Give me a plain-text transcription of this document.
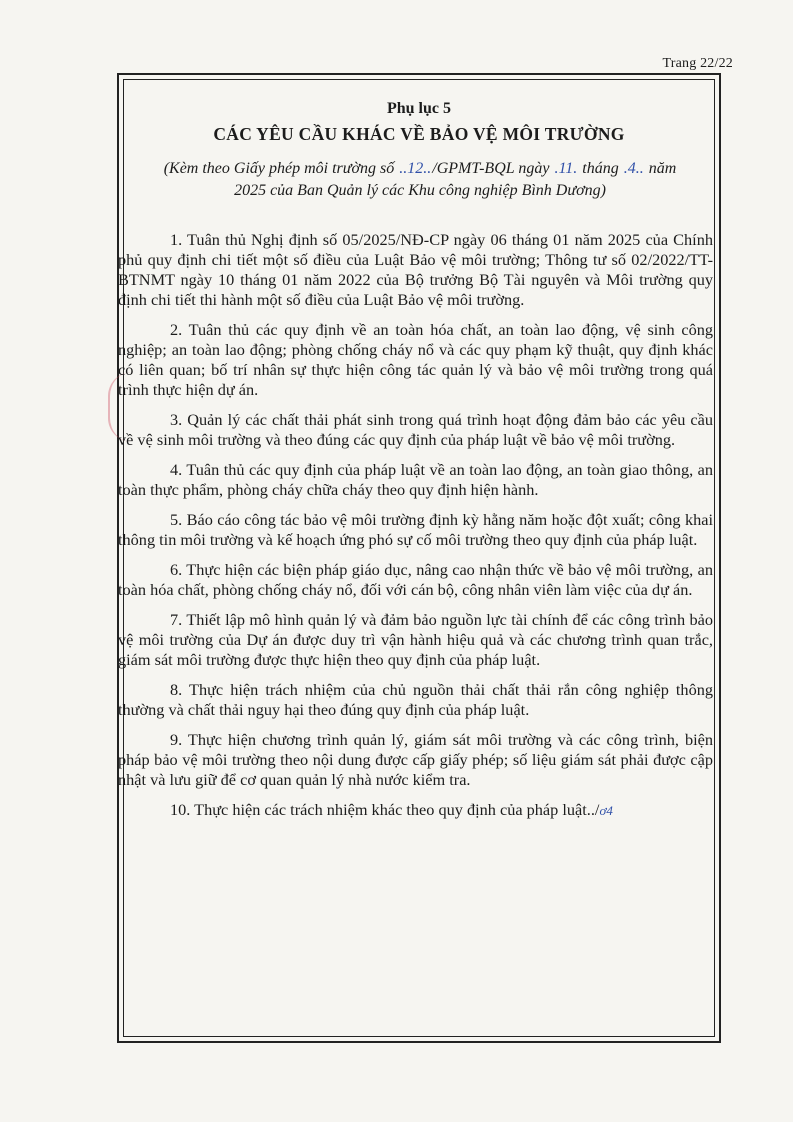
Trang 22/22
Phụ lục 5
CÁC YÊU CẦU KHÁC VỀ BẢO VỆ MÔI TRƯỜNG
(Kèm theo Giấy phép môi trường số ..12../GPMT-BQL ngày .11. tháng .4.. năm 2025 của Ban Quản lý các Khu công nghiệp Bình Dương)

1. Tuân thủ Nghị định số 05/2025/NĐ-CP ngày 06 tháng 01 năm 2025 của Chính phủ quy định chi tiết một số điều của Luật Bảo vệ môi trường; Thông tư số 02/2022/TT-BTNMT ngày 10 tháng 01 năm 2022 của Bộ trưởng Bộ Tài nguyên và Môi trường quy định chi tiết thi hành một số điều của Luật Bảo vệ môi trường.

2. Tuân thủ các quy định về an toàn hóa chất, an toàn lao động, vệ sinh công nghiệp; an toàn lao động; phòng chống cháy nổ và các quy phạm kỹ thuật, quy định khác có liên quan; bố trí nhân sự thực hiện công tác quản lý và bảo vệ môi trường trong quá trình thực hiện dự án.

3. Quản lý các chất thải phát sinh trong quá trình hoạt động đảm bảo các yêu cầu về vệ sinh môi trường và theo đúng các quy định của pháp luật về bảo vệ môi trường.

4. Tuân thủ các quy định của pháp luật về an toàn lao động, an toàn giao thông, an toàn thực phẩm, phòng cháy chữa cháy theo quy định hiện hành.

5. Báo cáo công tác bảo vệ môi trường định kỳ hằng năm hoặc đột xuất; công khai thông tin môi trường và kế hoạch ứng phó sự cố môi trường theo quy định của pháp luật.

6. Thực hiện các biện pháp giáo dục, nâng cao nhận thức về bảo vệ môi trường, an toàn hóa chất, phòng chống cháy nổ, đối với cán bộ, công nhân viên làm việc của dự án.

7. Thiết lập mô hình quản lý và đảm bảo nguồn lực tài chính để các công trình bảo vệ môi trường của Dự án được duy trì vận hành hiệu quả và các chương trình quan trắc, giám sát môi trường được thực hiện theo quy định của pháp luật.

8. Thực hiện trách nhiệm của chủ nguồn thải chất thải rắn công nghiệp thông thường và chất thải nguy hại theo đúng quy định của pháp luật.

9. Thực hiện chương trình quản lý, giám sát môi trường và các công trình, biện pháp bảo vệ môi trường theo nội dung được cấp giấy phép; số liệu giám sát phải được cập nhật và lưu giữ để cơ quan quản lý nhà nước kiểm tra.

10. Thực hiện các trách nhiệm khác theo quy định của pháp luật../ơ4
